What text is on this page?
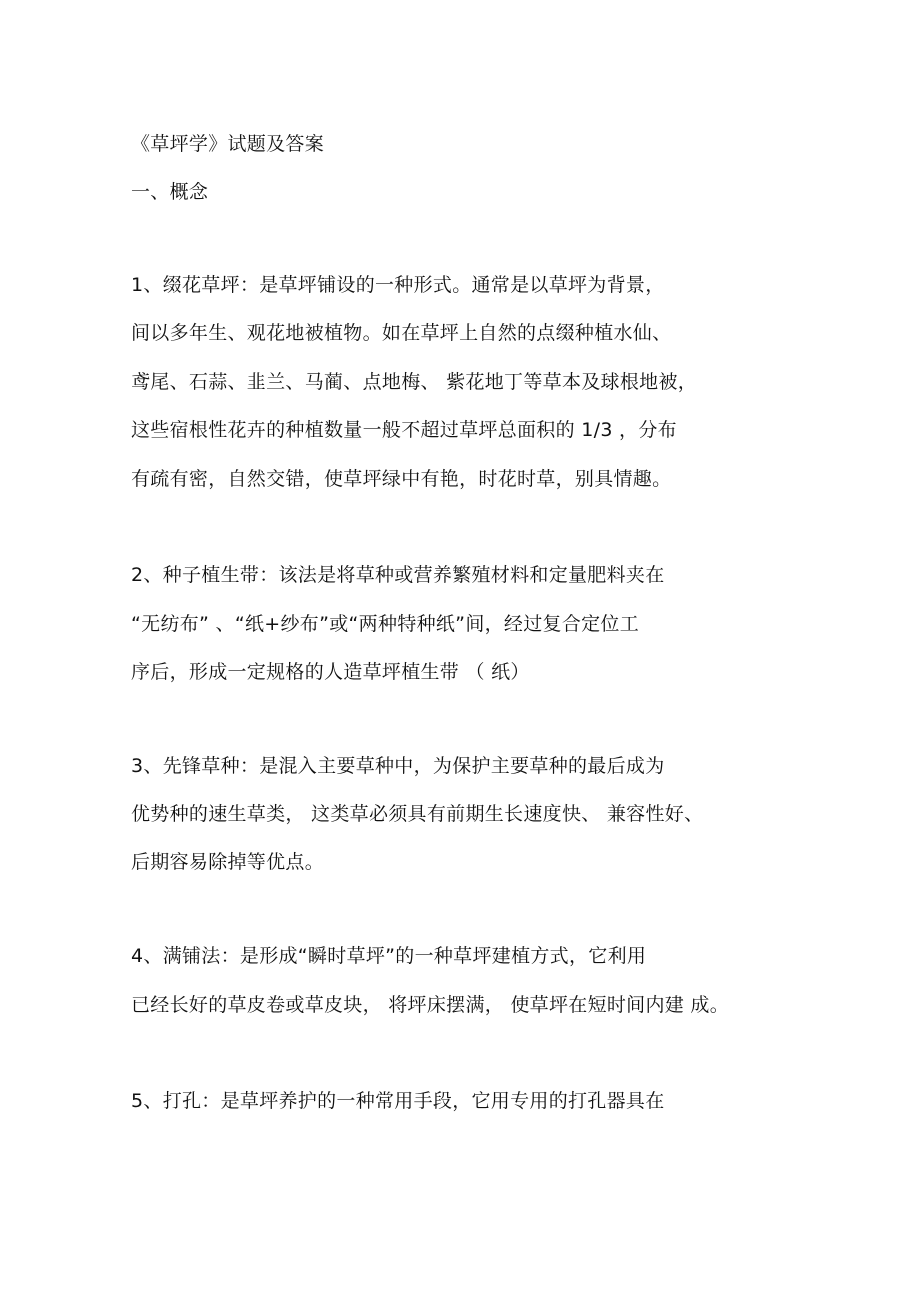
《草坪学》试题及答案
一、概念
1、缀花草坪：是草坪铺设的一种形式。通常是以草坪为背景，
间以多年生、观花地被植物。如在草坪上自然的点缀种植水仙、
鸢尾、石蒜、韭兰、马蔺、点地梅、 紫花地丁等草本及球根地被，
这些宿根性花卉的种植数量一般不超过草坪总面积的 1/3 ，分布
有疏有密，自然交错，使草坪绿中有艳，时花时草，别具情趣。
2、种子植生带：该法是将草种或营养繁殖材料和定量肥料夹在
“无纺布” 、“纸+纱布”或“两种特种纸”间，经过复合定位工
序后，形成一定规格的人造草坪植生带 （ 纸）
3、先锋草种：是混入主要草种中，为保护主要草种的最后成为
优势种的速生草类， 这类草必须具有前期生长速度快、 兼容性好、
后期容易除掉等优点。
4、满铺法：是形成“瞬时草坪”的一种草坪建植方式，它利用
已经长好的草皮卷或草皮块， 将坪床摆满， 使草坪在短时间内建 成。
5、打孔：是草坪养护的一种常用手段，它用专用的打孔器具在
